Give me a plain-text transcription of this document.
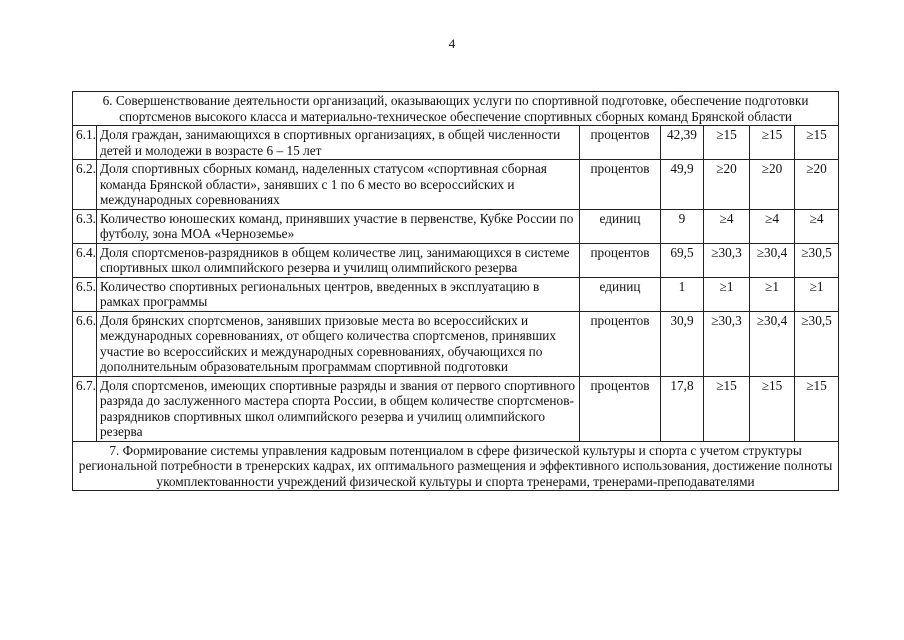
4
6. Совершенствование деятельности организаций, оказывающих услуги по спортивной подготовке, обеспечение подготовки спортсменов высокого класса и материально-техническое обеспечение спортивных сборных команд Брянской области						
6.1.	Доля граждан, занимающихся в спортивных организациях, в общей численности детей и молодежи в возрасте 6 – 15 лет	процентов	42,39	≥15	≥15	≥15
6.2.	Доля спортивных сборных команд, наделенных статусом «спортивная сборная команда Брянской области», занявших с 1 по 6 место во всероссийских и международных соревнованиях	процентов	49,9	≥20	≥20	≥20
6.3.	Количество юношеских команд, принявших участие в первенстве, Кубке России по футболу, зона МОА «Черноземье»	единиц	9	≥4	≥4	≥4
6.4.	Доля спортсменов-разрядников в общем количестве лиц, занимающихся в системе спортивных школ олимпийского резерва и училищ олимпийского резерва	процентов	69,5	≥30,3	≥30,4	≥30,5
6.5.	Количество спортивных региональных центров, введенных в эксплуатацию в рамках программы	единиц	1	≥1	≥1	≥1
6.6.	Доля брянских спортсменов, занявших призовые места во всероссийских и международных соревнованиях, от общего количества спортсменов, принявших участие во всероссийских и международных соревнованиях, обучающихся по дополнительным образовательным программам спортивной подготовки	процентов	30,9	≥30,3	≥30,4	≥30,5
6.7.	Доля спортсменов, имеющих спортивные разряды и звания от первого спортивного разряда до заслуженного мастера спорта России, в общем количестве спортсменов-разрядников спортивных школ олимпийского резерва и училищ олимпийского резерва	процентов	17,8	≥15	≥15	≥15
7. Формирование системы управления кадровым потенциалом в сфере физической культуры и спорта с учетом структуры региональной потребности в тренерских кадрах, их оптимального размещения и эффективного использования, достижение полноты укомплектованности учреждений физической культуры и спорта тренерами, тренерами-преподавателями						
